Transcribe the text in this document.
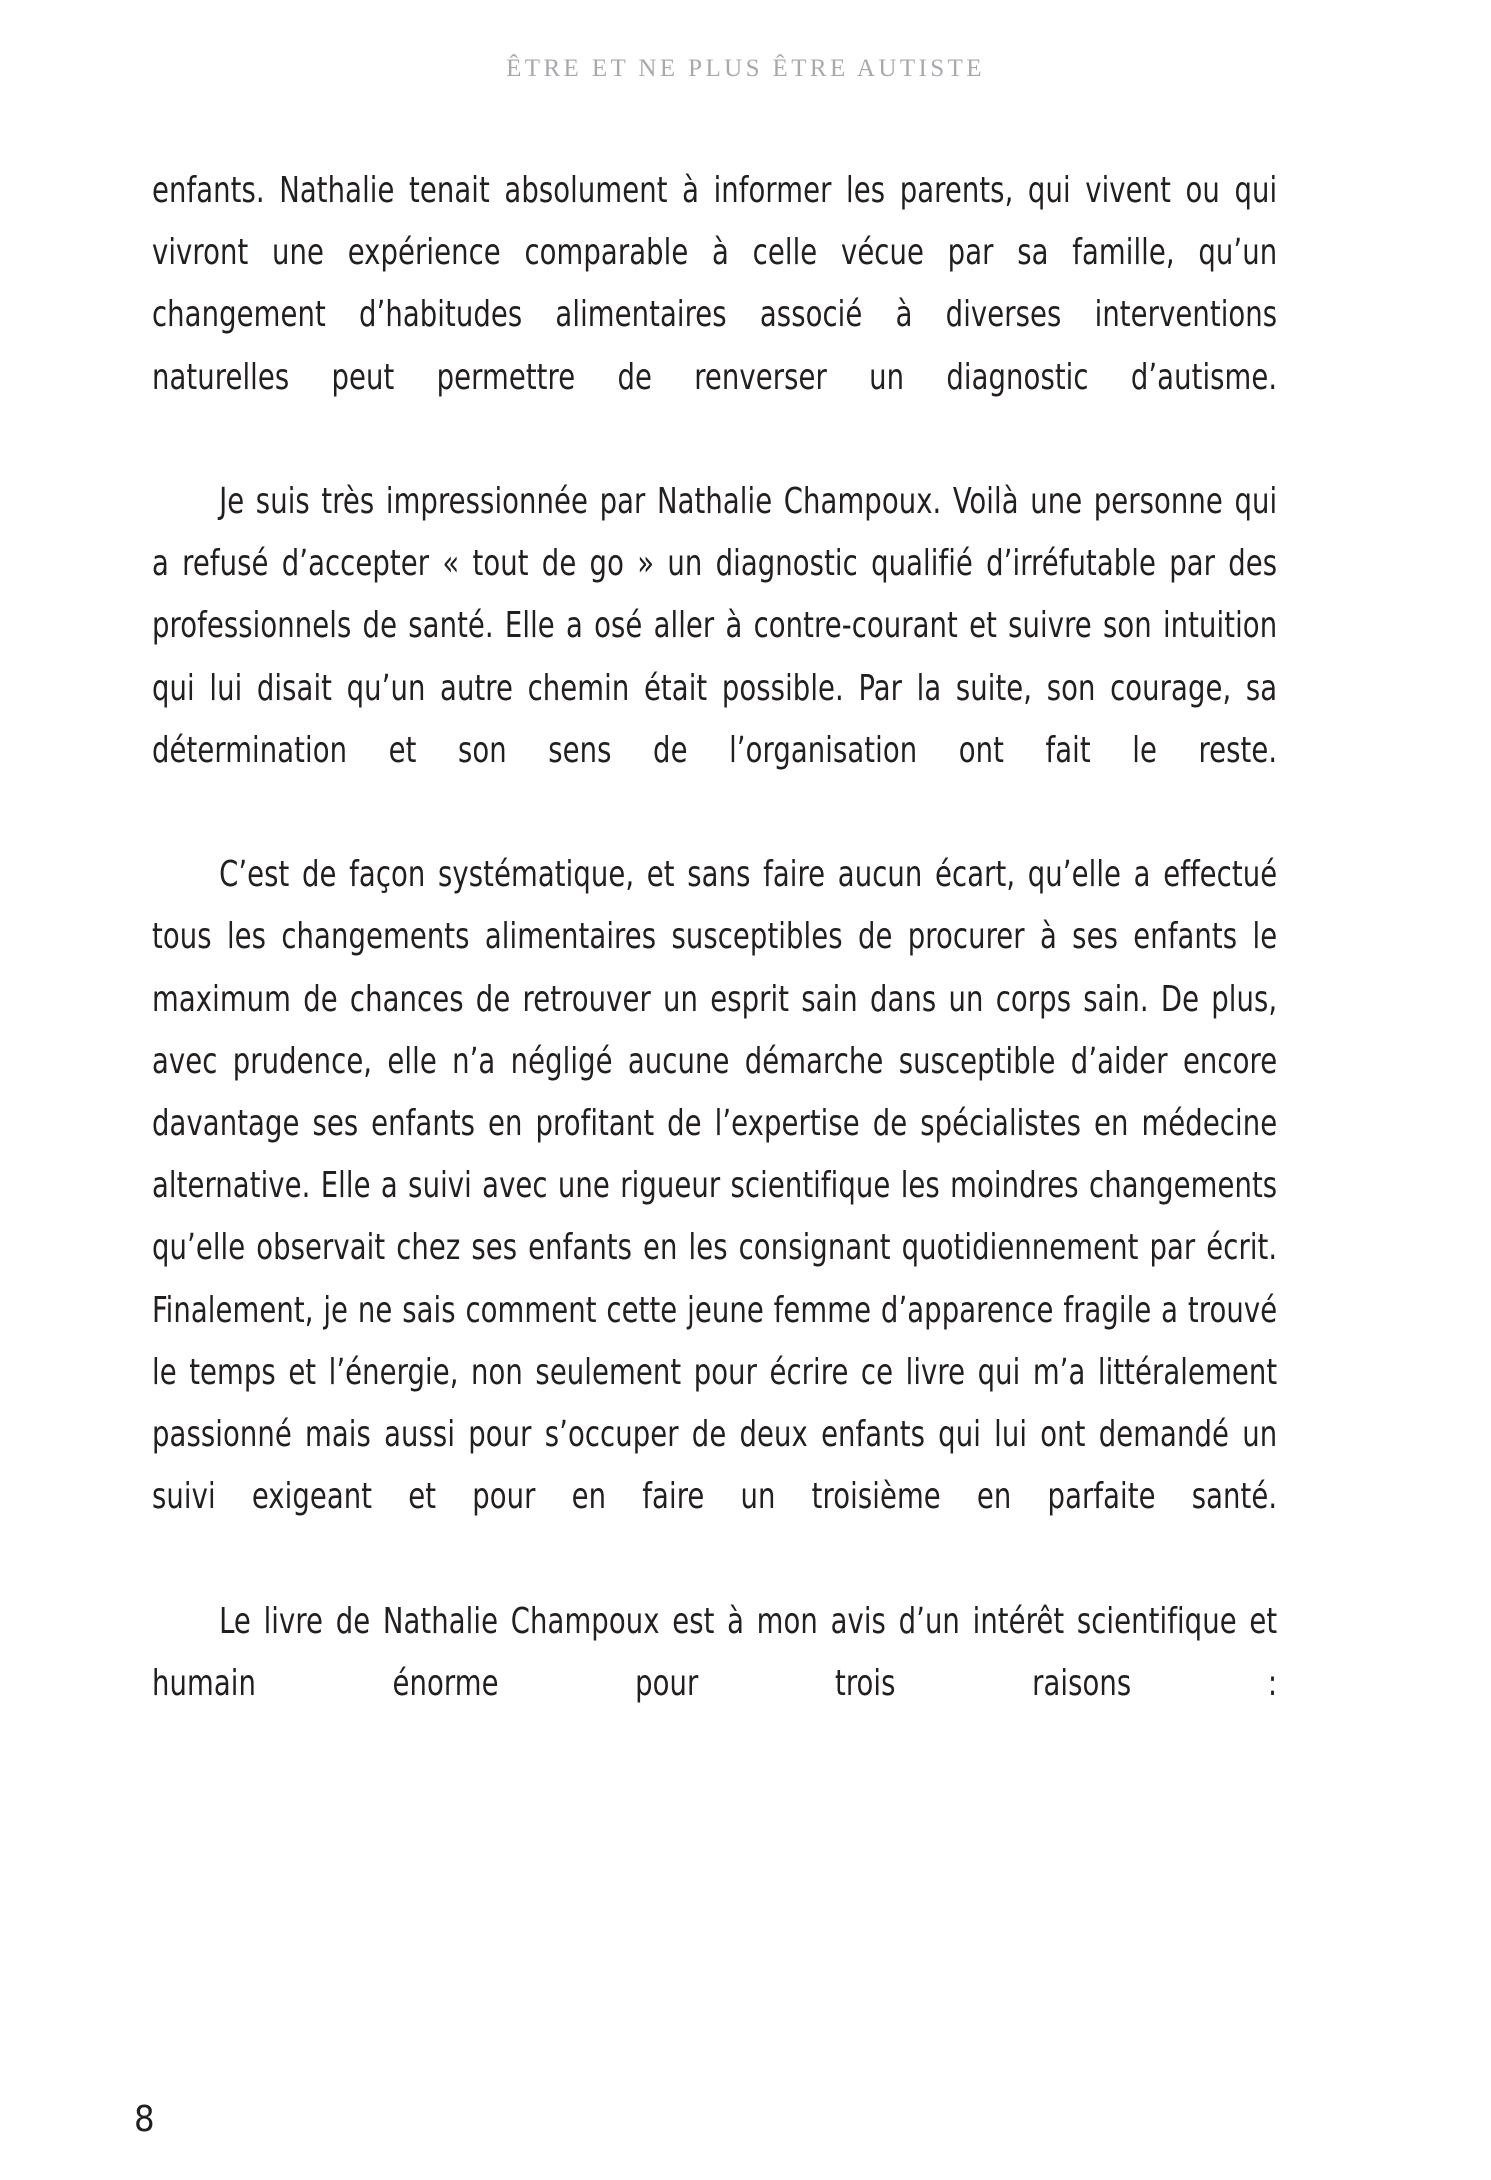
ÊTRE ET NE PLUS ÊTRE AUTISTE

enfants. Nathalie tenait absolument à informer les parents, qui vivent ou qui vivront une expérience comparable à celle vécue par sa famille, qu’un changement d’habitudes alimentaires associé à diverses interventions naturelles peut permettre de renverser un diagnostic d’autisme.

Je suis très impressionnée par Nathalie Champoux. Voilà une personne qui a refusé d’accepter « tout de go » un diagnostic qualifié d’irréfutable par des professionnels de santé. Elle a osé aller à contre-courant et suivre son intuition qui lui disait qu’un autre chemin était possible. Par la suite, son courage, sa détermination et son sens de l’organisation ont fait le reste.

C’est de façon systématique, et sans faire aucun écart, qu’elle a effectué tous les changements alimentaires susceptibles de procurer à ses enfants le maximum de chances de retrouver un esprit sain dans un corps sain. De plus, avec prudence, elle n’a négligé aucune démarche susceptible d’aider encore davantage ses enfants en profitant de l’expertise de spécialistes en médecine alternative. Elle a suivi avec une rigueur scientifique les moindres changements qu’elle observait chez ses enfants en les consignant quotidiennement par écrit. Finalement, je ne sais comment cette jeune femme d’apparence fragile a trouvé le temps et l’énergie, non seulement pour écrire ce livre qui m’a littéralement passionné mais aussi pour s’occuper de deux enfants qui lui ont demandé un suivi exigeant et pour en faire un troisième en parfaite santé.

Le livre de Nathalie Champoux est à mon avis d’un intérêt scientifique et humain énorme pour trois raisons :

8
